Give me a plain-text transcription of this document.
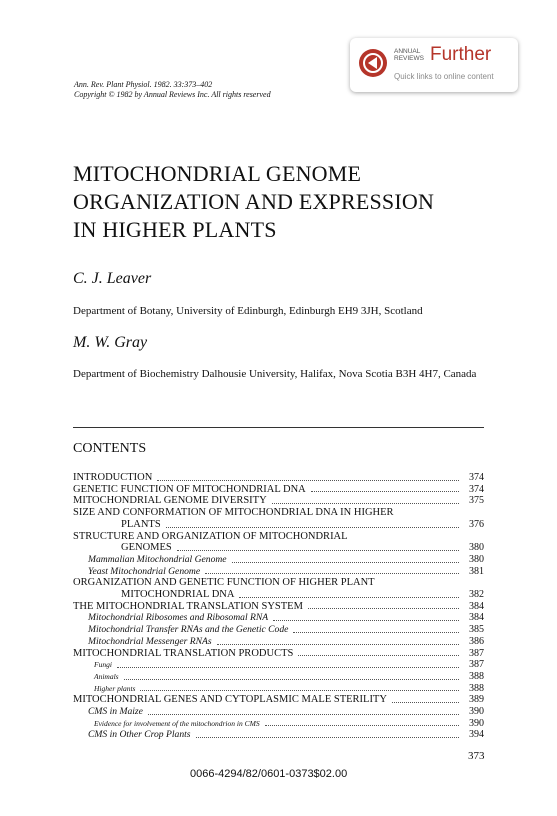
Ann. Rev. Plant Physiol. 1982. 33:373–402
Copyright © 1982 by Annual Reviews Inc. All rights reserved
ANNUAL
REVIEWS Further
Quick links to online content
MITOCHONDRIAL GENOME
ORGANIZATION AND EXPRESSION
IN HIGHER PLANTS
C. J. Leaver
Department of Botany, University of Edinburgh, Edinburgh EH9 3JH, Scotland
M. W. Gray
Department of Biochemistry Dalhousie University, Halifax, Nova Scotia B3H 4H7, Canada
CONTENTS
INTRODUCTION	374
GENETIC FUNCTION OF MITOCHONDRIAL DNA	374
MITOCHONDRIAL GENOME DIVERSITY	375
SIZE AND CONFORMATION OF MITOCHONDRIAL DNA IN HIGHER
PLANTS	376
STRUCTURE AND ORGANIZATION OF MITOCHONDRIAL
GENOMES	380
Mammalian Mitochondrial Genome	380
Yeast Mitochondrial Genome	381
ORGANIZATION AND GENETIC FUNCTION OF HIGHER PLANT
MITOCHONDRIAL DNA	382
THE MITOCHONDRIAL TRANSLATION SYSTEM	384
Mitochondrial Ribosomes and Ribosomal RNA	384
Mitochondrial Transfer RNAs and the Genetic Code	385
Mitochondrial Messenger RNAs	386
MITOCHONDRIAL TRANSLATION PRODUCTS	387
Fungi	387
Animals	388
Higher plants	388
MITOCHONDRIAL GENES AND CYTOPLASMIC MALE STERILITY	389
CMS in Maize	390
Evidence for involvement of the mitochondrion in CMS	390
CMS in Other Crop Plants	394
373
0066-4294/82/0601-0373$02.00
